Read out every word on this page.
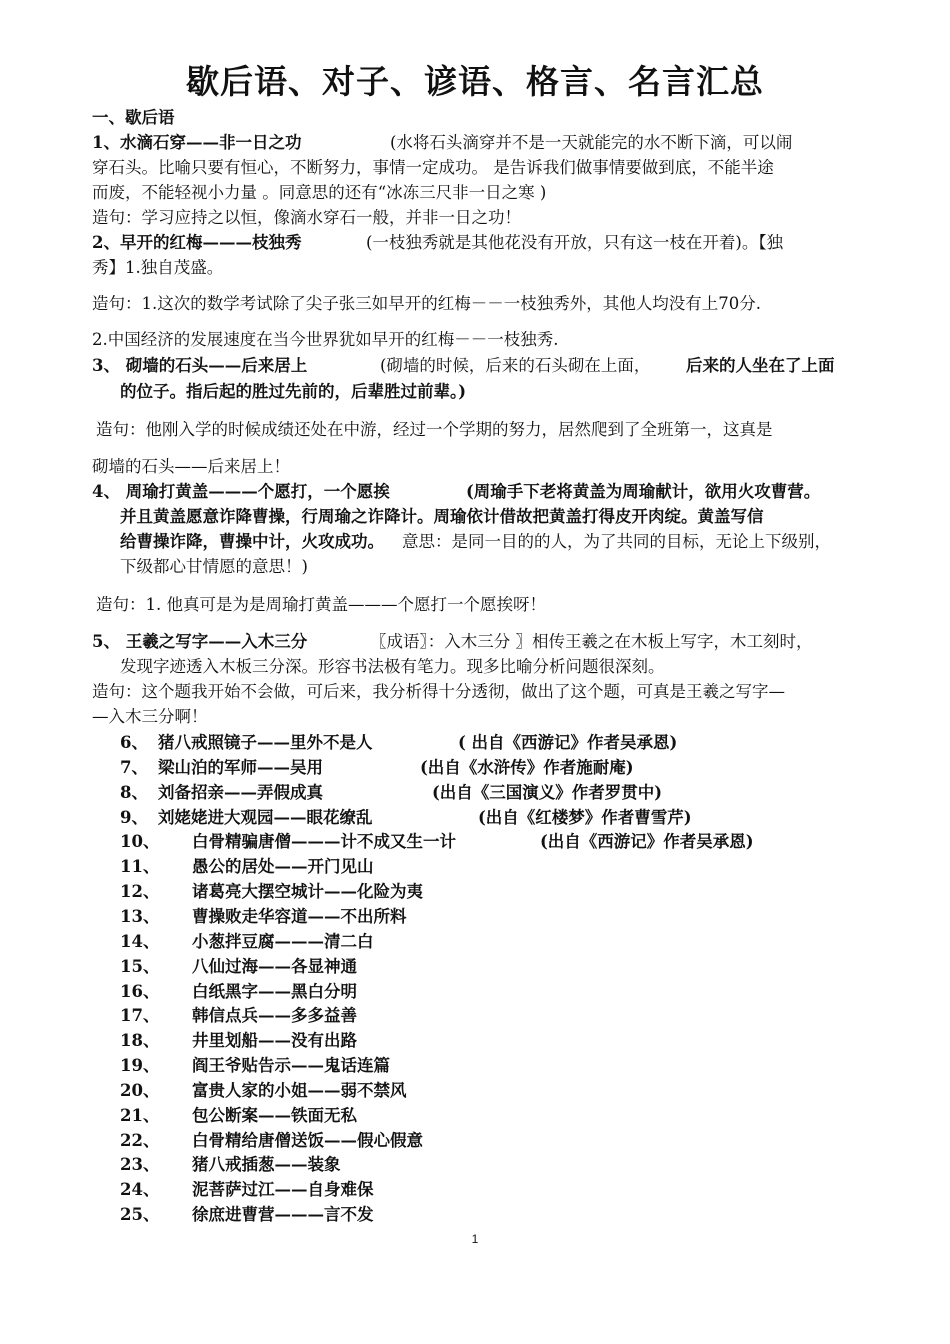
歇后语、对子、谚语、格言、名言汇总
一、歇后语
1、水滴石穿——非一日之功	(水将石头滴穿并不是一天就能完的水不断下滴，可以闹
穿石头。比喻只要有恒心，不断努力，事情一定成功。 是告诉我们做事情要做到底，不能半途
而废，不能轻视小力量 。同意思的还有“冰冻三尺非一日之寒 )
造句：学习应持之以恒，像滴水穿石一般，并非一日之功！
2、早开的红梅———枝独秀	(一枝独秀就是其他花没有开放，只有这一枝在开着)。【独
秀】1.独自茂盛。
造句：1.这次的数学考试除了尖子张三如早开的红梅－－一枝独秀外，其他人均没有上70分.
2.中国经济的发展速度在当今世界犹如早开的红梅－－一枝独秀.
3、 砌墙的石头——后来居上	(砌墙的时候，后来的石头砌在上面， 后来的人坐在了上面
的位子。指后起的胜过先前的，后辈胜过前辈。)
造句：他刚入学的时候成绩还处在中游，经过一个学期的努力，居然爬到了全班第一，这真是
砌墙的石头——后来居上！
4、 周瑜打黄盖———个愿打，一个愿挨	(周瑜手下老将黄盖为周瑜献计，欲用火攻曹营。
并且黄盖愿意诈降曹操，行周瑜之诈降计。周瑜依计借故把黄盖打得皮开肉绽。黄盖写信
给曹操诈降，曹操中计，火攻成功。 意思：是同一目的的人，为了共同的目标，无论上下级别，
下级都心甘情愿的意思！)
造句：1. 他真可是为是周瑜打黄盖———个愿打一个愿挨呀！
5、 王羲之写字——入木三分	〖成语〗：入木三分 〗相传王羲之在木板上写字，木工刻时，
发现字迹透入木板三分深。形容书法极有笔力。现多比喻分析问题很深刻。
造句：这个题我开始不会做，可后来，我分析得十分透彻，做出了这个题，可真是王羲之写字—
—入木三分啊！
6、 猪八戒照镜子——里外不是人	( 出自《西游记》作者吴承恩)
7、 梁山泊的军师——吴用	(出自《水浒传》作者施耐庵)
8、 刘备招亲——弄假成真	(出自《三国演义》作者罗贯中)
9、 刘姥姥进大观园——眼花缭乱	(出自《红楼梦》作者曹雪芹)
10、 白骨精骗唐僧———计不成又生一计	(出自《西游记》作者吴承恩)
11、 愚公的居处——开门见山
12、 诸葛亮大摆空城计——化险为夷
13、 曹操败走华容道——不出所料
14、 小葱拌豆腐———清二白
15、 八仙过海——各显神通
16、 白纸黑字——黑白分明
17、 韩信点兵——多多益善
18、 井里划船——没有出路
19、 阎王爷贴告示——鬼话连篇
20、 富贵人家的小姐——弱不禁风
21、 包公断案——铁面无私
22、 白骨精给唐僧送饭——假心假意
23、 猪八戒插葱——装象
24、 泥菩萨过江——自身难保
25、 徐庶进曹营———言不发
1
